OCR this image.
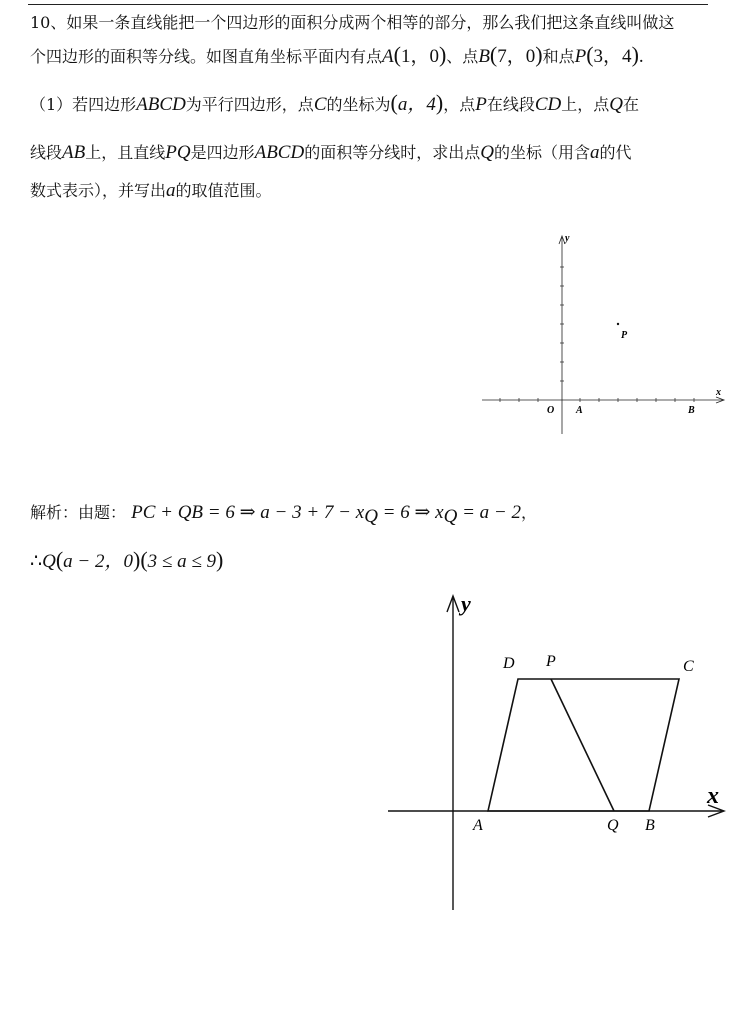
10、如果一条直线能把一个四边形的面积分成两个相等的部分，那么我们把这条直线叫做这
个四边形的面积等分线。如图直角坐标平面内有点A(1，0)、点B(7，0)和点P(3，4).
（1）若四边形ABCD为平行四边形，点C的坐标为(a，4)，点P在线段CD上，点Q在
线段AB上，且直线PQ是四边形ABCD的面积等分线时，求出点Q的坐标（用含a的代
数式表示），并写出a的取值范围。
x
y
O A	B
P
解析：由题： PC + QB = 6 ⇒ $a - 3 + 7 - x_Q = 6$ ⇒ $x_Q = a - 2$，
∴Q(a − 2，0)(3 ≤ a ≤ 9)
x
y
D P	C
A	Q B
